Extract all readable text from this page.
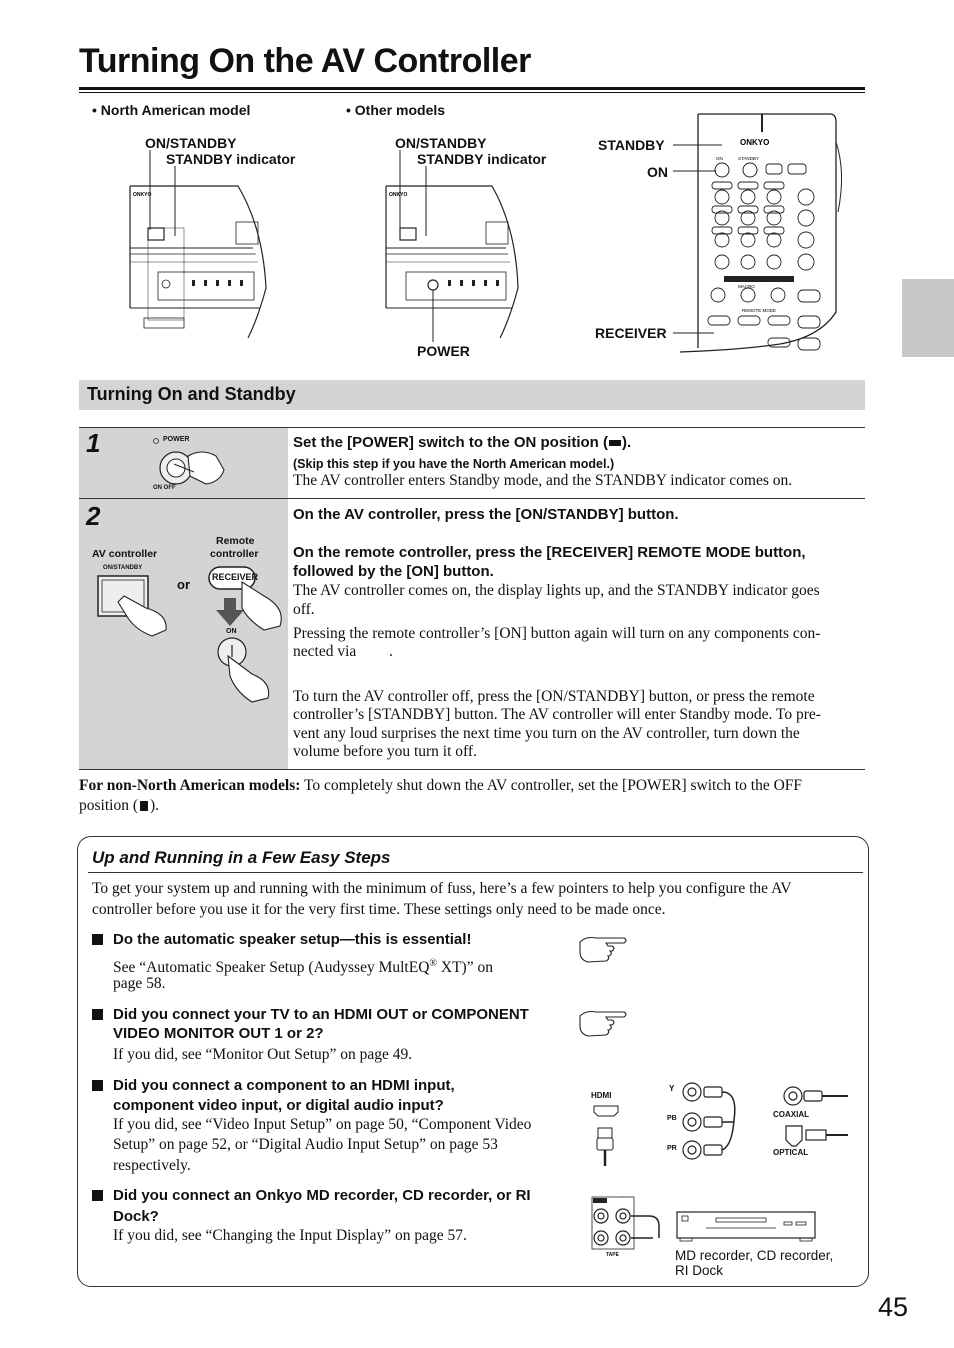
Turning On the AV Controller
• North American model	• Other models
ON/STANDBY
STANDBY indicator
ON/STANDBY
STANDBY indicator
POWER
STANDBY
ON
RECEIVER
ONKYO	ONKYO
ONKYO
ON	STANDBY
MACRO
REMOTE MODE
Turning On and Standby
1	POWER
ON OFF
Set the [POWER] switch to the ON position ( ).
(Skip this step if you have the North American model.)
The AV controller enters Standby mode, and the STANDBY indicator comes on.
2
AV controller
Remote
controller
ON/STANDBY
or RECEIVER
ON
On the AV controller, press the [ON/STANDBY] button.
On the remote controller, press the [RECEIVER] REMOTE MODE button,
followed by the [ON] button.
The AV controller comes on, the display lights up, and the STANDBY indicator goes
off.
Pressing the remote controller’s [ON] button again will turn on any components con-
nected via .
To turn the AV controller off, press the [ON/STANDBY] button, or press the remote
controller’s [STANDBY] button. The AV controller will enter Standby mode. To pre-
vent any loud surprises the next time you turn on the AV controller, turn down the
volume before you turn it off.
For non-North American models: To completely shut down the AV controller, set the [POWER] switch to the OFF
position ( ).
Up and Running in a Few Easy Steps
To get your system up and running with the minimum of fuss, here’s a few pointers to help you configure the AV
controller before you use it for the very first time. These settings only need to be made once.
Do the automatic speaker setup—this is essential!
See “Automatic Speaker Setup (Audyssey MultEQ® XT)” on
page 58.
Did you connect your TV to an HDMI OUT or COMPONENT
VIDEO MONITOR OUT 1 or 2?
If you did, see “Monitor Out Setup” on page 49.
Did you connect a component to an HDMI input,
component video input, or digital audio input?
If you did, see “Video Input Setup” on page 50, “Component Video
Setup” on page 52, or “Digital Audio Input Setup” on page 53
respectively.
Did you connect an Onkyo MD recorder, CD recorder, or RI
Dock?
If you did, see “Changing the Input Display” on page 57.
HDMI
Y
PB
PR
COAXIAL
OPTICAL
TAPE	MD recorder, CD recorder,
RI Dock
45
